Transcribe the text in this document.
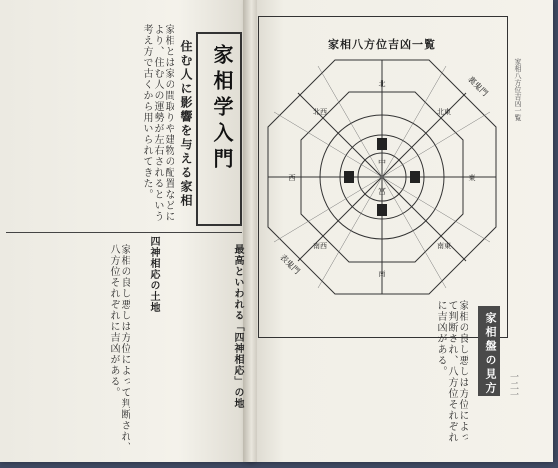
家相学入門
住む人に影響を与える家相
家相とは家の間取りや建物の配置などにより、住む人の運勢が左右されるという考え方で古くから用いられてきた。
家相の良し悪しは方位によって判断され、八方位それぞれに吉凶がある。	最高といわれる「四神相応」の地
四神相応の土地
家相八方位吉凶一覧
家相八方位吉凶一覧
中
宮
北
北東
東
南東
南
南西
西
北西
裏鬼門
表鬼門
家相の良し悪しは方位によって判断され、八方位それぞれに吉凶がある。	家相盤の見方 一二一
